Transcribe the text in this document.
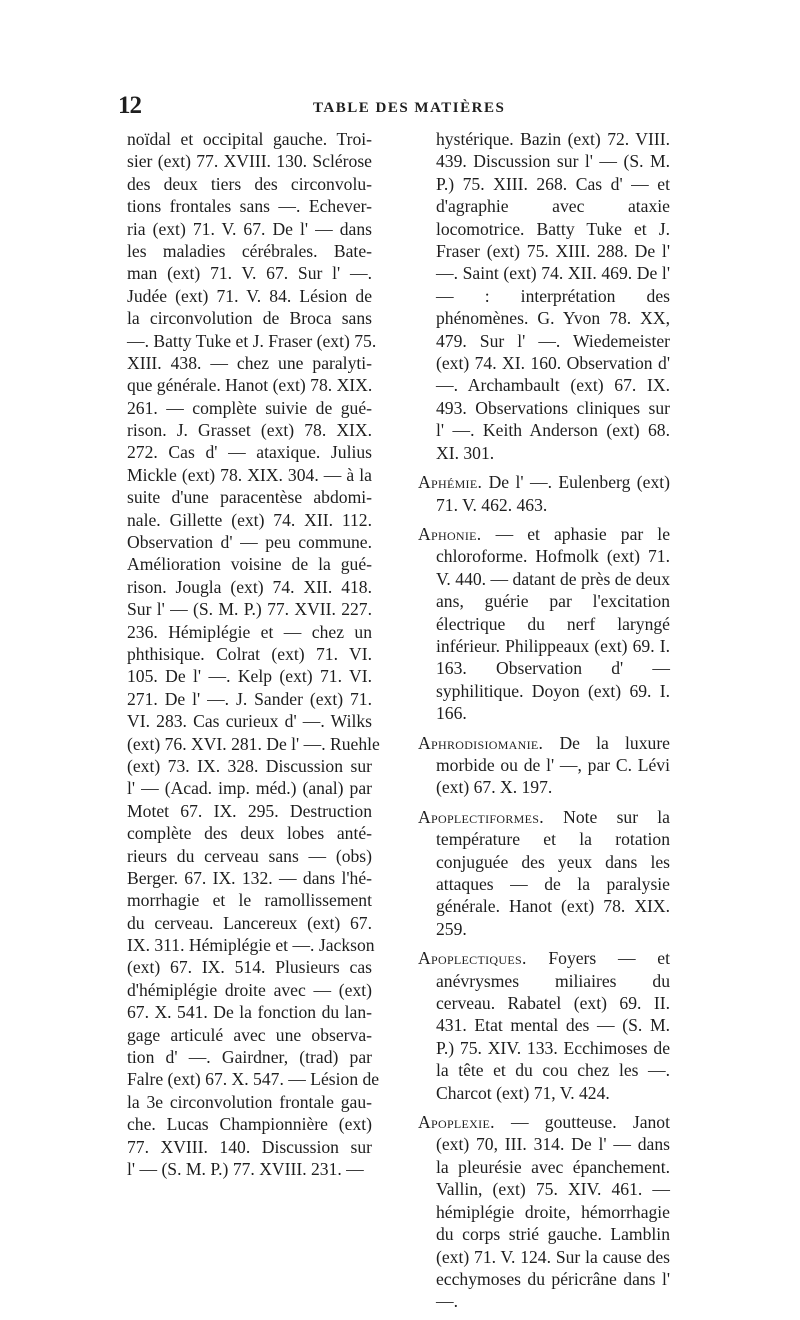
12	TABLE DES MATIÈRES
noïdal et occipital gauche. Troi-
sier (ext) 77. XVIII. 130. Sclérose
des deux tiers des circonvolu-
tions frontales sans —. Echever-
ria (ext) 71. V. 67. De l' — dans
les maladies cérébrales. Bate-
man (ext) 71. V. 67. Sur l' —.
Judée (ext) 71. V. 84. Lésion de
la circonvolution de Broca sans
—. Batty Tuke et J. Fraser (ext) 75.
XIII. 438. — chez une paralyti-
que générale. Hanot (ext) 78. XIX.
261. — complète suivie de gué-
rison. J. Grasset (ext) 78. XIX.
272. Cas d' — ataxique. Julius
Mickle (ext) 78. XIX. 304. — à la
suite d'une paracentèse abdomi-
nale. Gillette (ext) 74. XII. 112.
Observation d' — peu commune.
Amélioration voisine de la gué-
rison. Jougla (ext) 74. XII. 418.
Sur l' — (S. M. P.) 77. XVII. 227.
236. Hémiplégie et — chez un
phthisique. Colrat (ext) 71. VI.
105. De l' —. Kelp (ext) 71. VI.
271. De l' —. J. Sander (ext) 71.
VI. 283. Cas curieux d' —. Wilks
(ext) 76. XVI. 281. De l' —. Ruehle
(ext) 73. IX. 328. Discussion sur
l' — (Acad. imp. méd.) (anal) par
Motet 67. IX. 295. Destruction
complète des deux lobes anté-
rieurs du cerveau sans — (obs)
Berger. 67. IX. 132. — dans l'hé-
morrhagie et le ramollissement
du cerveau. Lancereux (ext) 67.
IX. 311. Hémiplégie et —. Jackson
(ext) 67. IX. 514. Plusieurs cas
d'hémiplégie droite avec — (ext)
67. X. 541. De la fonction du lan-
gage articulé avec une observa-
tion d' —. Gairdner, (trad) par
Falre (ext) 67. X. 547. — Lésion de
la 3e circonvolution frontale gau-
che. Lucas Championnière (ext)
77. XVIII. 140. Discussion sur
l' — (S. M. P.) 77. XVIII. 231. —

hystérique. Bazin (ext) 72. VIII. 439. Discussion sur l' — (S. M. P.) 75. XIII. 268. Cas d' — et d'agraphie avec ataxie locomotrice. Batty Tuke et J. Fraser (ext) 75. XIII. 288. De l' —. Saint (ext) 74. XII. 469. De l' — : interprétation des phénomènes. G. Yvon 78. XX, 479. Sur l' —. Wiedemeister (ext) 74. XI. 160. Observation d' —. Archambault (ext) 67. IX. 493. Observations cliniques sur l' —. Keith Anderson (ext) 68. XI. 301.

Aphémie. De l' —. Eulenberg (ext) 71. V. 462. 463.

Aphonie. — et aphasie par le chloroforme. Hofmolk (ext) 71. V. 440. — datant de près de deux ans, guérie par l'excitation électrique du nerf laryngé inférieur. Philippeaux (ext) 69. I. 163. Observation d' — syphilitique. Doyon (ext) 69. I. 166.

Aphrodisiomanie. De la luxure morbide ou de l' —, par C. Lévi (ext) 67. X. 197.

Apoplectiformes. Note sur la température et la rotation conjuguée des yeux dans les attaques — de la paralysie générale. Hanot (ext) 78. XIX. 259.

Apoplectiques. Foyers — et anévrysmes miliaires du cerveau. Rabatel (ext) 69. II. 431. Etat mental des — (S. M. P.) 75. XIV. 133. Ecchimoses de la tête et du cou chez les —. Charcot (ext) 71, V. 424.

Apoplexie. — goutteuse. Janot (ext) 70, III. 314. De l' — dans la pleurésie avec épanchement. Vallin, (ext) 75. XIV. 461. — hémiplégie droite, hémorrhagie du corps strié gauche. Lamblin (ext) 71. V. 124. Sur la cause des ecchymoses du péricrâne dans l' —.
